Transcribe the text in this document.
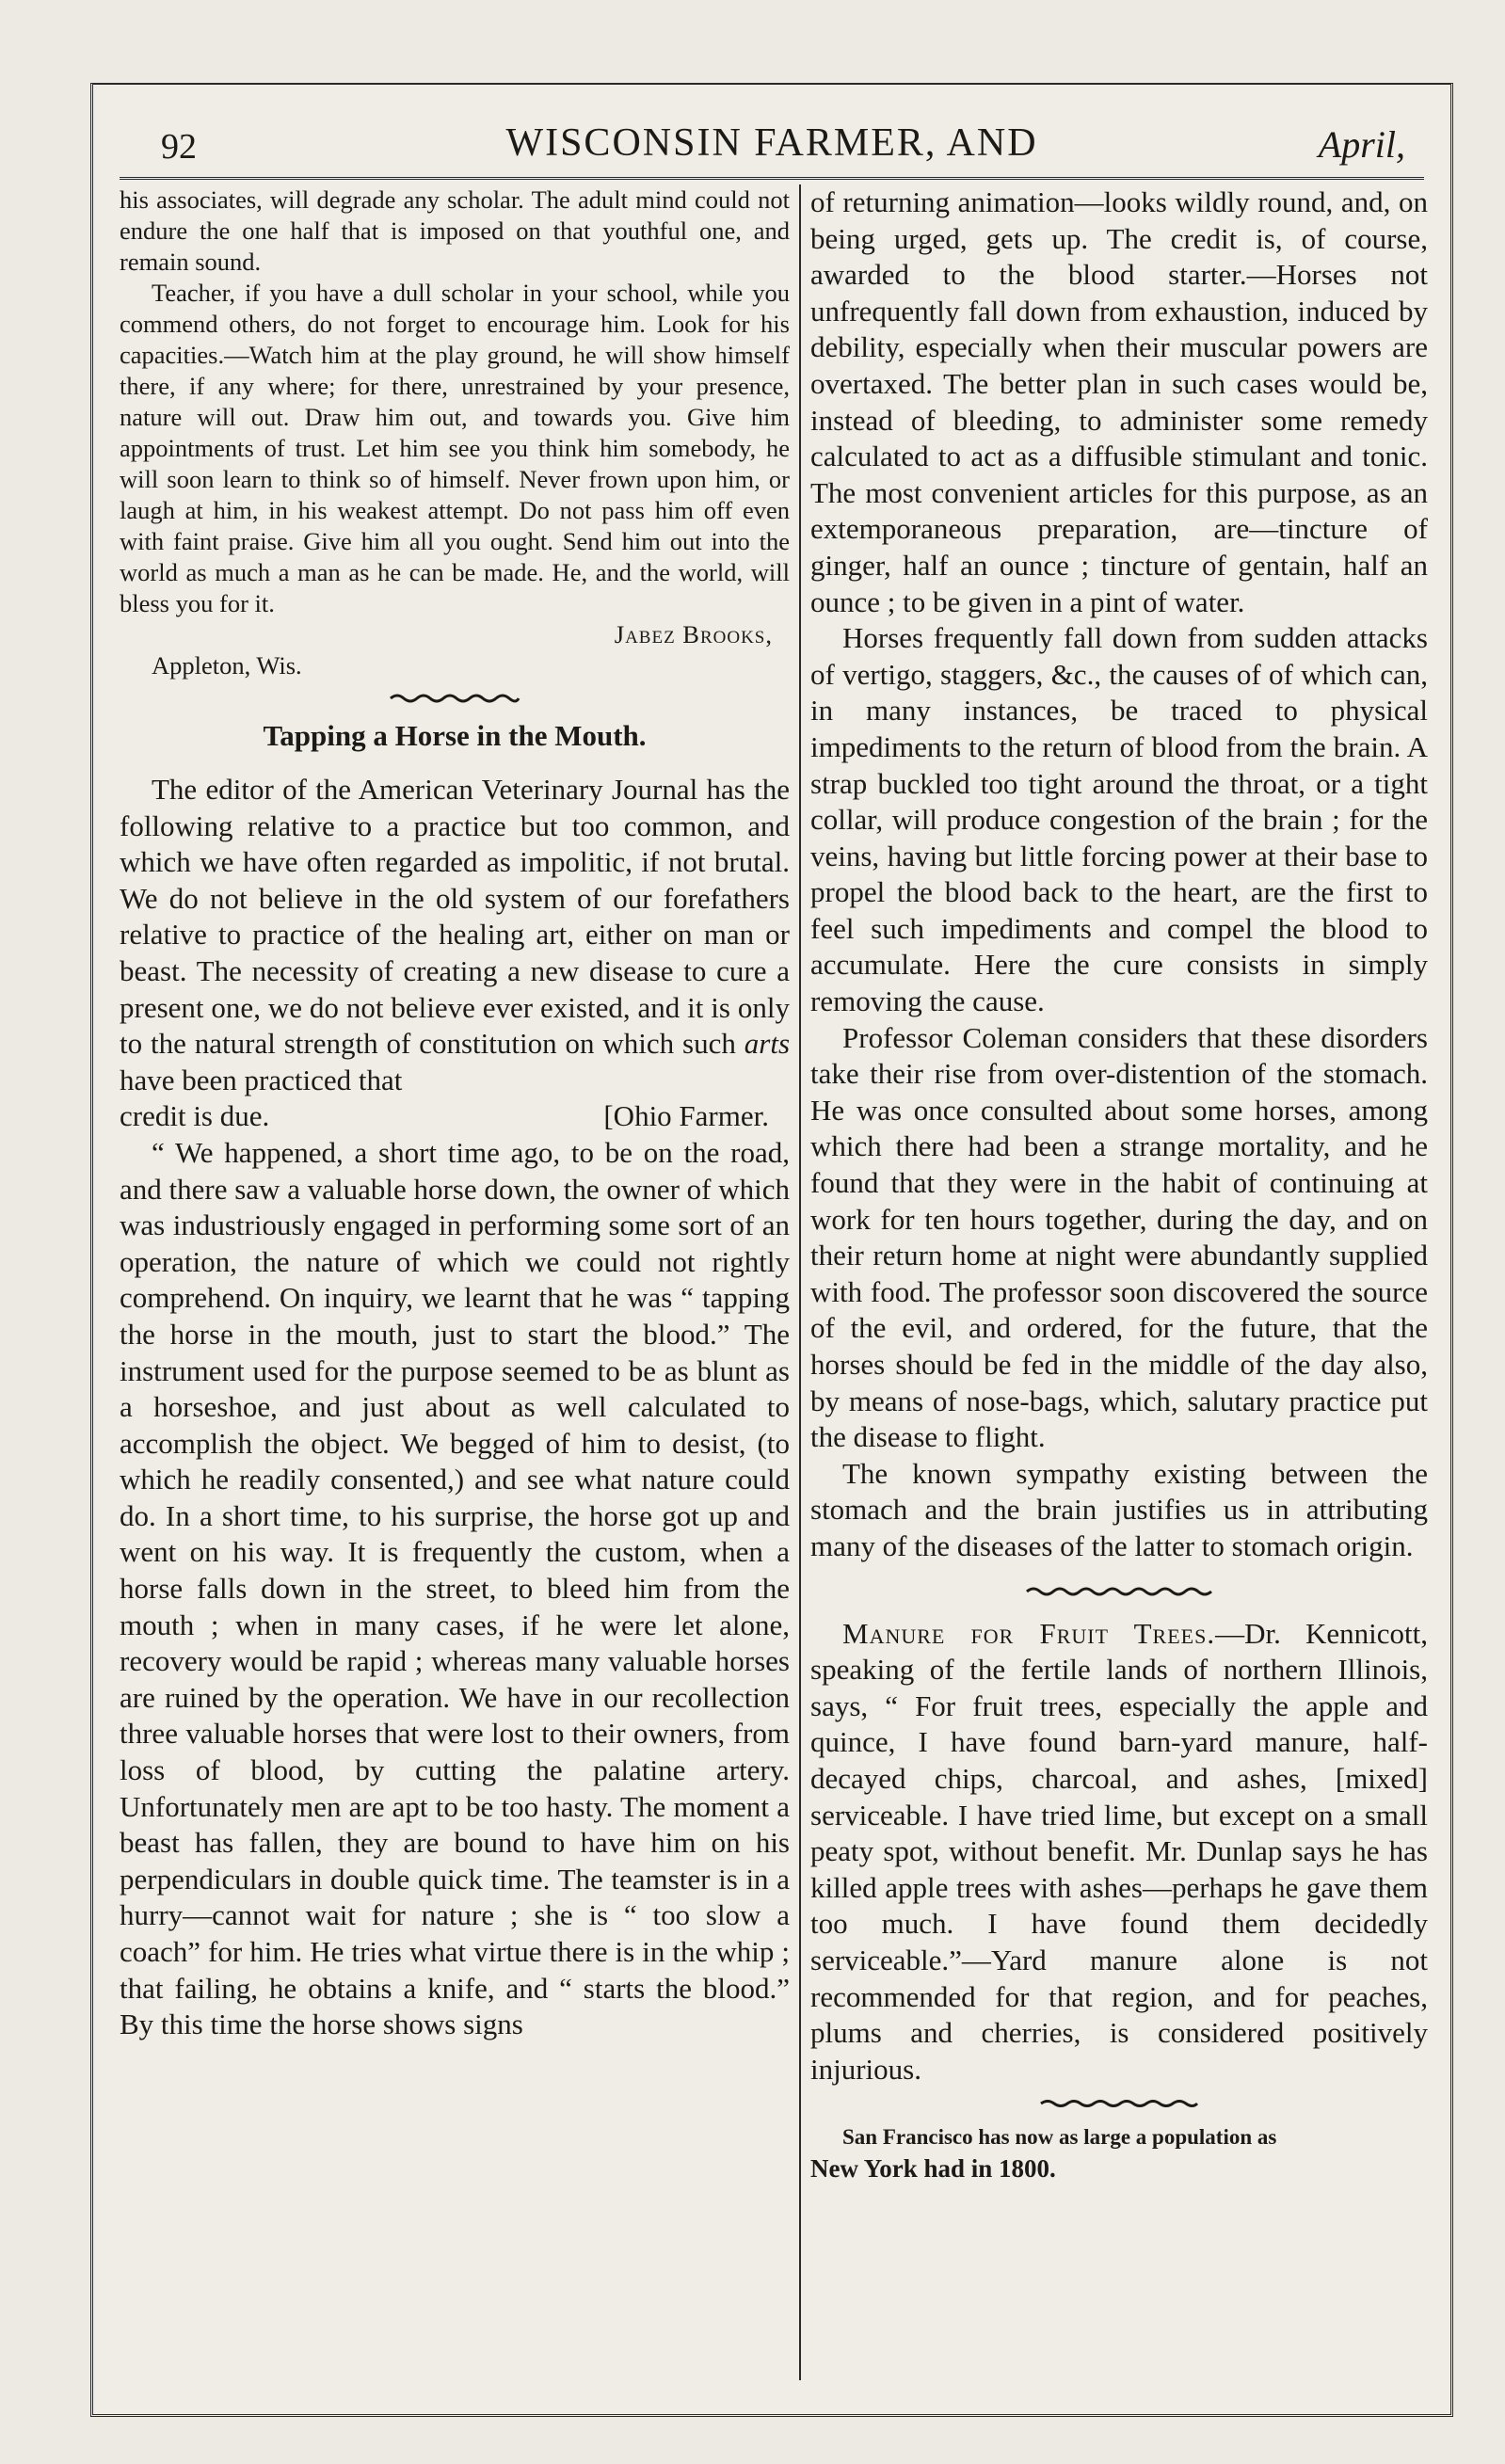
92	WISCONSIN FARMER, AND	April,

his associates, will degrade any scholar. The adult mind could not endure the one half that is imposed on that youthful one, and remain sound.

Teacher, if you have a dull scholar in your school, while you commend others, do not forget to encourage him. Look for his capacities.—Watch him at the play ground, he will show himself there, if any where; for there, unrestrained by your presence, nature will out. Draw him out, and towards you. Give him appointments of trust. Let him see you think him somebody, he will soon learn to think so of himself. Never frown upon him, or laugh at him, in his weakest attempt. Do not pass him off even with faint praise. Give him all you ought. Send him out into the world as much a man as he can be made. He, and the world, will bless you for it.

Jabez Brooks,

Appleton, Wis.

Tapping a Horse in the Mouth.

The editor of the American Veterinary Journal has the following relative to a practice but too common, and which we have often regarded as impolitic, if not brutal. We do not believe in the old system of our forefathers relative to practice of the healing art, either on man or beast. The necessity of creating a new disease to cure a present one, we do not believe ever existed, and it is only to the natural strength of constitution on which such arts have been practiced that

credit is due.	[Ohio Farmer.

“ We happened, a short time ago, to be on the road, and there saw a valuable horse down, the owner of which was industriously engaged in performing some sort of an operation, the nature of which we could not rightly comprehend. On inquiry, we learnt that he was “ tapping the horse in the mouth, just to start the blood.” The instrument used for the purpose seemed to be as blunt as a horseshoe, and just about as well calculated to accomplish the object. We begged of him to desist, (to which he readily consented,) and see what nature could do. In a short time, to his surprise, the horse got up and went on his way. It is frequently the custom, when a horse falls down in the street, to bleed him from the mouth ; when in many cases, if he were let alone, recovery would be rapid ; whereas many valuable horses are ruined by the operation. We have in our recollection three valuable horses that were lost to their owners, from loss of blood, by cutting the palatine artery. Unfortunately men are apt to be too hasty. The moment a beast has fallen, they are bound to have him on his perpendiculars in double quick time. The teamster is in a hurry—cannot wait for nature ; she is “ too slow a coach” for him. He tries what virtue there is in the whip ; that failing, he obtains a knife, and “ starts the blood.” By this time the horse shows signs

of returning animation—looks wildly round, and, on being urged, gets up. The credit is, of course, awarded to the blood starter.—Horses not unfrequently fall down from exhaustion, induced by debility, especially when their muscular powers are overtaxed. The better plan in such cases would be, instead of bleeding, to administer some remedy calculated to act as a diffusible stimulant and tonic. The most convenient articles for this purpose, as an extemporaneous preparation, are—tincture of ginger, half an ounce ; tincture of gentain, half an ounce ; to be given in a pint of water.

Horses frequently fall down from sudden attacks of vertigo, staggers, &c., the causes of of which can, in many instances, be traced to physical impediments to the return of blood from the brain. A strap buckled too tight around the throat, or a tight collar, will produce congestion of the brain ; for the veins, having but little forcing power at their base to propel the blood back to the heart, are the first to feel such impediments and compel the blood to accumulate. Here the cure consists in simply removing the cause.

Professor Coleman considers that these disorders take their rise from over-distention of the stomach. He was once consulted about some horses, among which there had been a strange mortality, and he found that they were in the habit of continuing at work for ten hours together, during the day, and on their return home at night were abundantly supplied with food. The professor soon discovered the source of the evil, and ordered, for the future, that the horses should be fed in the middle of the day also, by means of nose-bags, which, salutary practice put the disease to flight.

The known sympathy existing between the stomach and the brain justifies us in attributing many of the diseases of the latter to stomach origin.

Manure for Fruit Trees.—Dr. Kennicott, speaking of the fertile lands of northern Illinois, says, “ For fruit trees, especially the apple and quince, I have found barn-yard manure, half-decayed chips, charcoal, and ashes, [mixed] serviceable. I have tried lime, but except on a small peaty spot, without benefit. Mr. Dunlap says he has killed apple trees with ashes—perhaps he gave them too much. I have found them decidedly serviceable.”—Yard manure alone is not recommended for that region, and for peaches, plums and cherries, is considered positively injurious.

San Francisco has now as large a population as

New York had in 1800.
